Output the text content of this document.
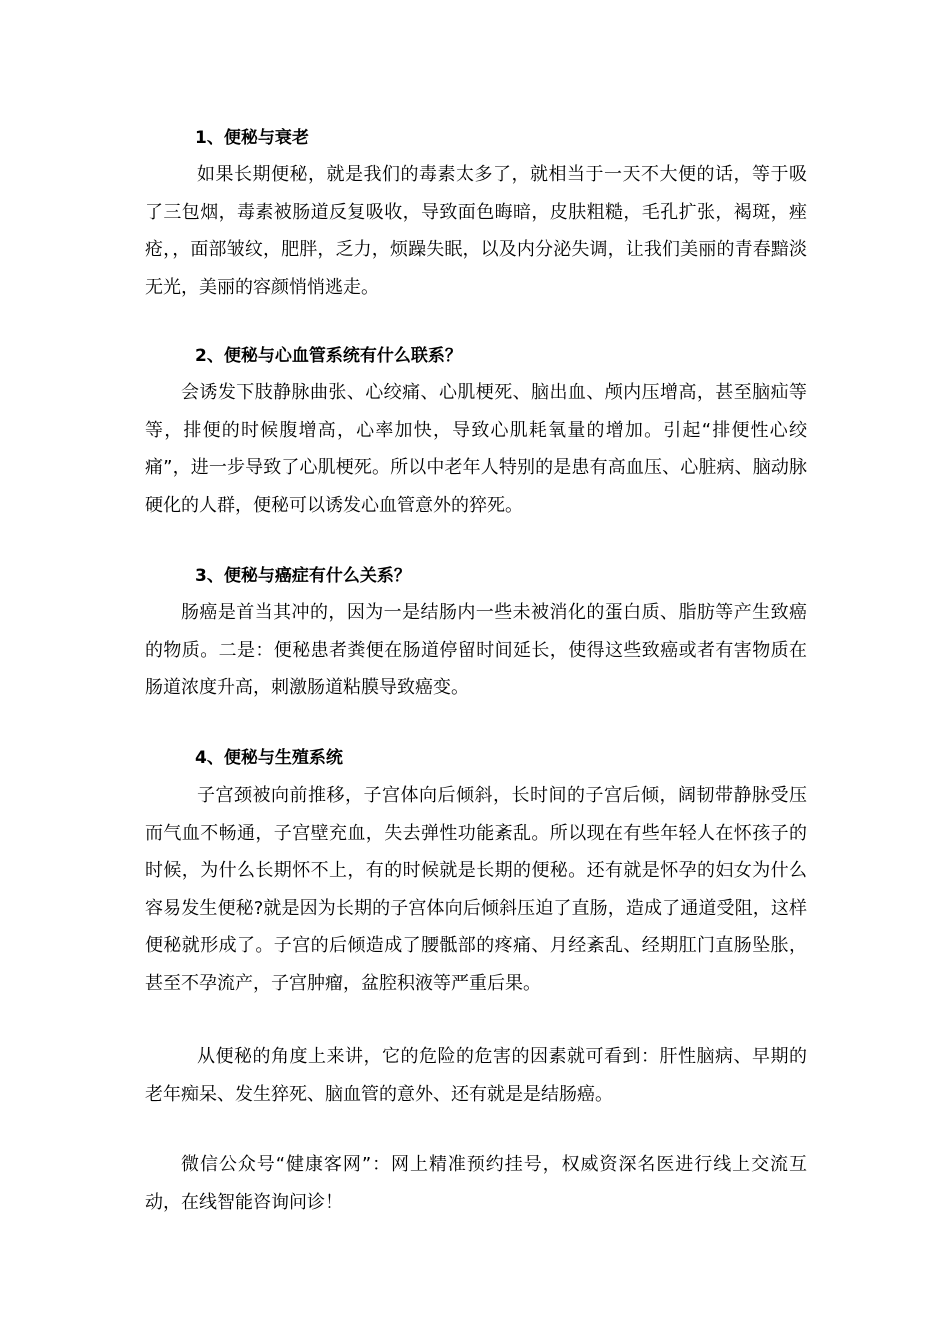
1、便秘与衰老

如果长期便秘，就是我们的毒素太多了，就相当于一天不大便的话，等于吸了三包烟，毒素被肠道反复吸收，导致面色晦暗，皮肤粗糙，毛孔扩张，褐斑，痤疮，，面部皱纹，肥胖，乏力，烦躁失眠，以及内分泌失调，让我们美丽的青春黯淡无光，美丽的容颜悄悄逃走。

2、便秘与心血管系统有什么联系？

会诱发下肢静脉曲张、心绞痛、心肌梗死、脑出血、颅内压增高，甚至脑疝等等，排便的时候腹增高，心率加快，导致心肌耗氧量的增加。引起“排便性心绞痛”，进一步导致了心肌梗死。所以中老年人特别的是患有高血压、心脏病、脑动脉硬化的人群，便秘可以诱发心血管意外的猝死。

3、便秘与癌症有什么关系？

肠癌是首当其冲的，因为一是结肠内一些未被消化的蛋白质、脂肪等产生致癌的物质。二是：便秘患者粪便在肠道停留时间延长，使得这些致癌或者有害物质在肠道浓度升高，刺激肠道粘膜导致癌变。

4、便秘与生殖系统

子宫颈被向前推移，子宫体向后倾斜，长时间的子宫后倾，阔韧带静脉受压而气血不畅通，子宫壁充血，失去弹性功能紊乱。所以现在有些年轻人在怀孩子的时候，为什么长期怀不上，有的时候就是长期的便秘。还有就是怀孕的妇女为什么容易发生便秘?就是因为长期的子宫体向后倾斜压迫了直肠，造成了通道受阻，这样便秘就形成了。子宫的后倾造成了腰骶部的疼痛、月经紊乱、经期肛门直肠坠胀，甚至不孕流产，子宫肿瘤，盆腔积液等严重后果。

从便秘的角度上来讲，它的危险的危害的因素就可看到：肝性脑病、早期的老年痴呆、发生猝死、脑血管的意外、还有就是是结肠癌。

微信公众号“健康客网”：网上精准预约挂号，权威资深名医进行线上交流互动，在线智能咨询问诊！
